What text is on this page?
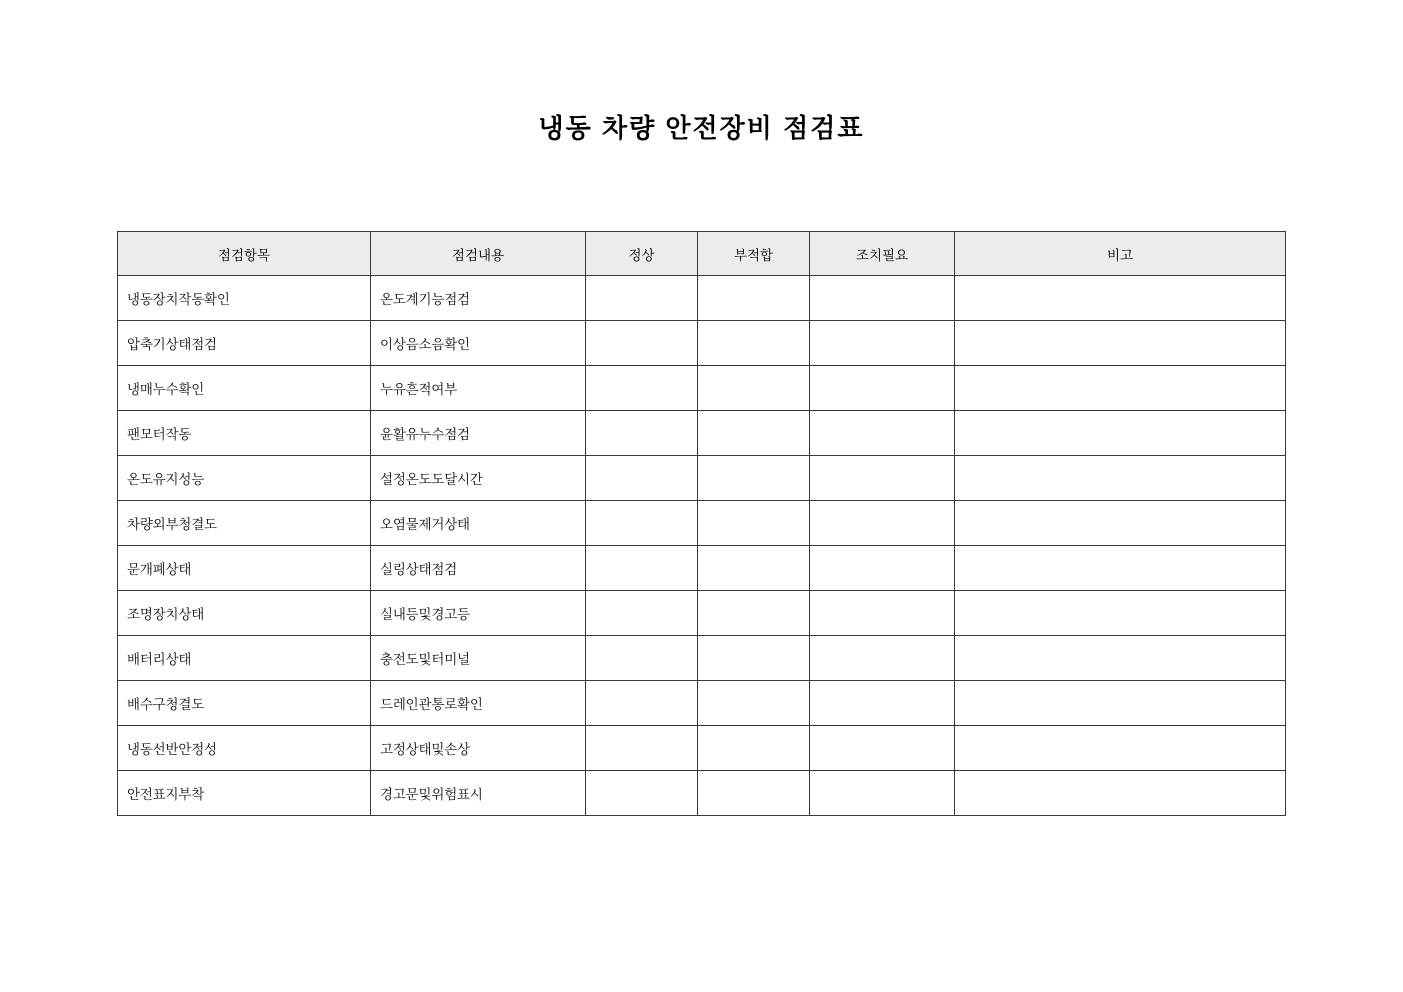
냉동 차량 안전장비 점검표
점검항목	점검내용	정상	부적합	조치필요	비고
냉동장치작동확인	온도계기능점검				
압축기상태점검	이상음소음확인				
냉매누수확인	누유흔적여부				
팬모터작동	윤활유누수점검				
온도유지성능	설정온도도달시간				
차량외부청결도	오염물제거상태				
문개폐상태	실링상태점검				
조명장치상태	실내등및경고등				
배터리상태	충전도및터미널				
배수구청결도	드레인관통로확인				
냉동선반안정성	고정상태및손상				
안전표지부착	경고문및위험표시				
